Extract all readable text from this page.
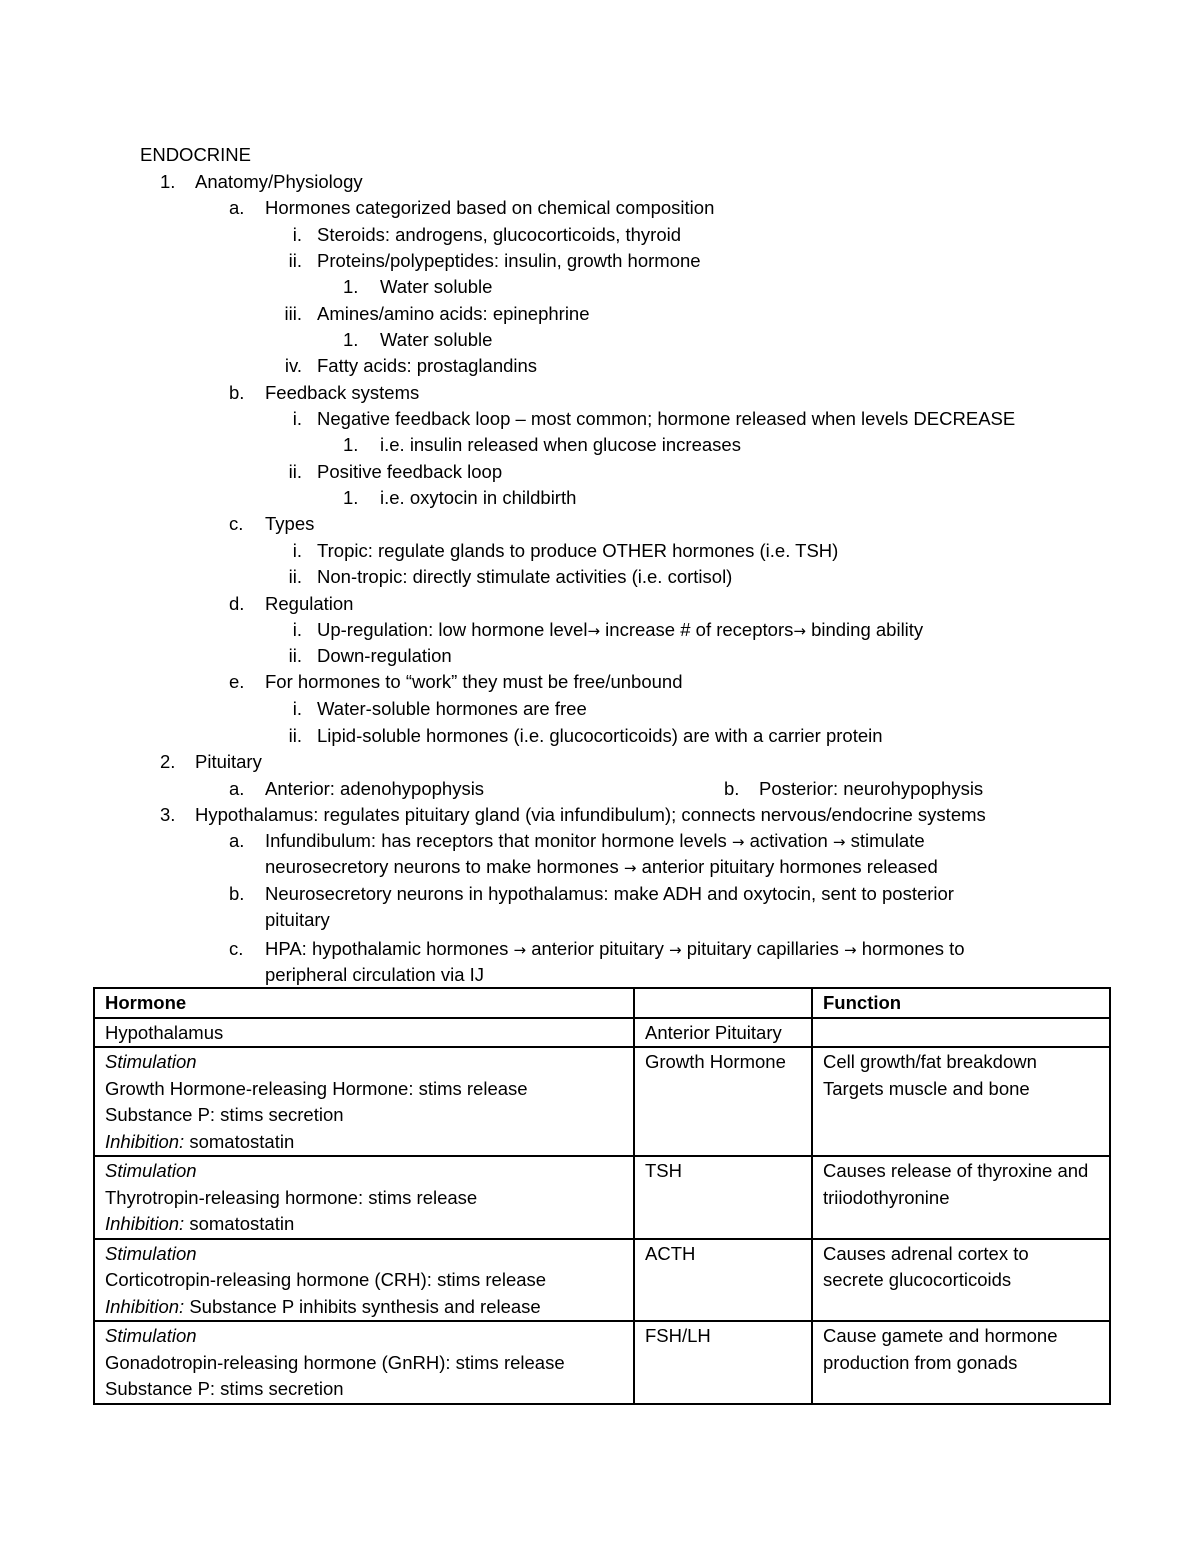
ENDOCRINE
1. Anatomy/Physiology
a. Hormones categorized based on chemical composition
i. Steroids: androgens, glucocorticoids, thyroid
ii. Proteins/polypeptides: insulin, growth hormone
1. Water soluble
iii. Amines/amino acids: epinephrine
1. Water soluble
iv. Fatty acids: prostaglandins
b. Feedback systems
i. Negative feedback loop – most common; hormone released when levels DECREASE
1. i.e. insulin released when glucose increases
ii. Positive feedback loop
1. i.e. oxytocin in childbirth
c. Types
i. Tropic: regulate glands to produce OTHER hormones (i.e. TSH)
ii. Non-tropic: directly stimulate activities (i.e. cortisol)
d. Regulation
i. Up-regulation: low hormone level→ increase # of receptors→ binding ability
ii. Down-regulation
e. For hormones to “work” they must be free/unbound
i. Water-soluble hormones are free
ii. Lipid-soluble hormones (i.e. glucocorticoids) are with a carrier protein
2. Pituitary
a. Anterior: adenohypophysis	b. Posterior: neurohypophysis
3. Hypothalamus: regulates pituitary gland (via infundibulum); connects nervous/endocrine systems
a. Infundibulum: has receptors that monitor hormone levels → activation → stimulate
neurosecretory neurons to make hormones → anterior pituitary hormones released
b. Neurosecretory neurons in hypothalamus: make ADH and oxytocin, sent to posterior
pituitary
c. HPA: hypothalamic hormones → anterior pituitary → pituitary capillaries → hormones to
peripheral circulation via IJ
Hormone		Function
Hypothalamus	Anterior Pituitary	

Stimulation
Growth Hormone-releasing Hormone: stims release
Substance P: stims secretion
Inhibition: somatostatin	Growth Hormone	Cell growth/fat breakdown
Targets muscle and bone

Stimulation
Thyrotropin-releasing hormone: stims release
Inhibition: somatostatin	TSH	Causes release of thyroxine and
triiodothyronine

Stimulation
Corticotropin-releasing hormone (CRH): stims release
Inhibition: Substance P inhibits synthesis and release	ACTH	Causes adrenal cortex to
secrete glucocorticoids

Stimulation
Gonadotropin-releasing hormone (GnRH): stims release
Substance P: stims secretion	FSH/LH	Cause gamete and hormone
production from gonads
